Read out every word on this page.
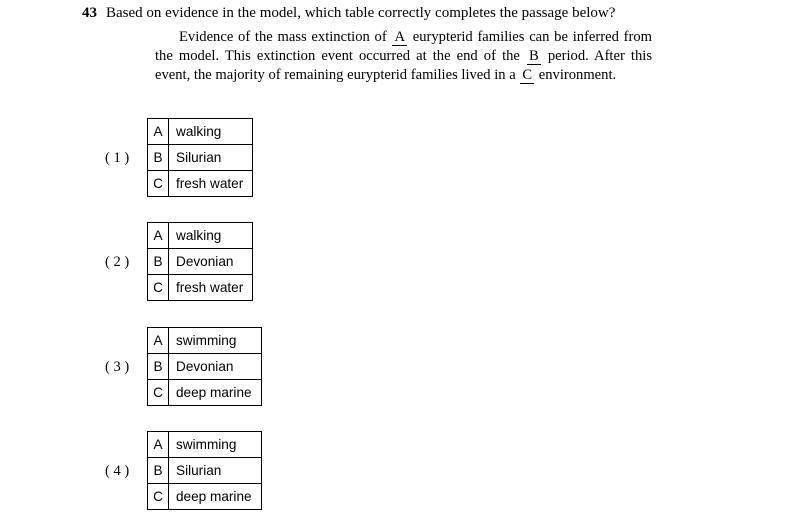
43 Based on evidence in the model, which table correctly completes the passage below?
Evidence of the mass extinction of A eurypterid families can be inferred from the model. This extinction event occurred at the end of the B period. After this event, the majority of remaining eurypterid families lived in a C environment.
( 1 )
A	walking
B	Silurian
C	fresh water
( 2 )
A	walking
B	Devonian
C	fresh water
( 3 )
A	swimming
B	Devonian
C	deep marine
( 4 )
A	swimming
B	Silurian
C	deep marine
